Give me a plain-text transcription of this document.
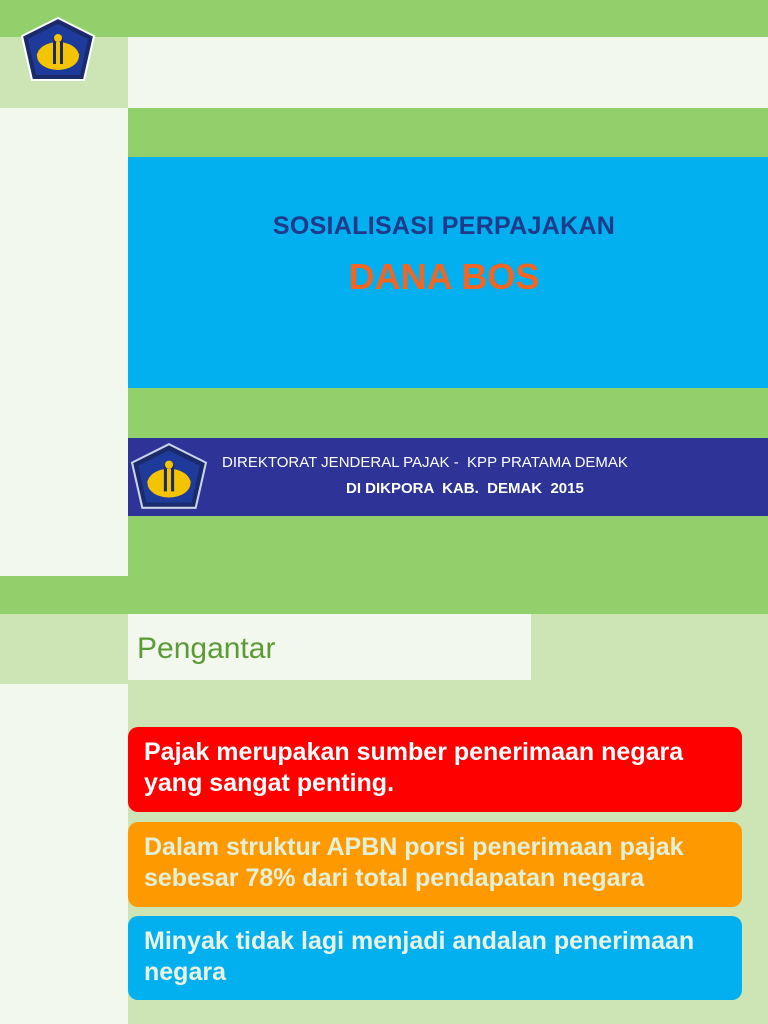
SOSIALISASI PERPAJAKAN
DANA BOS
DIREKTORAT JENDERAL PAJAK -  KPP PRATAMA DEMAK
DI DIKPORA  KAB.  DEMAK  2015
Pengantar
Pajak merupakan sumber penerimaan negara yang sangat penting.
Dalam struktur APBN porsi penerimaan pajak sebesar 78% dari total pendapatan negara
Minyak tidak lagi menjadi andalan penerimaan negara
